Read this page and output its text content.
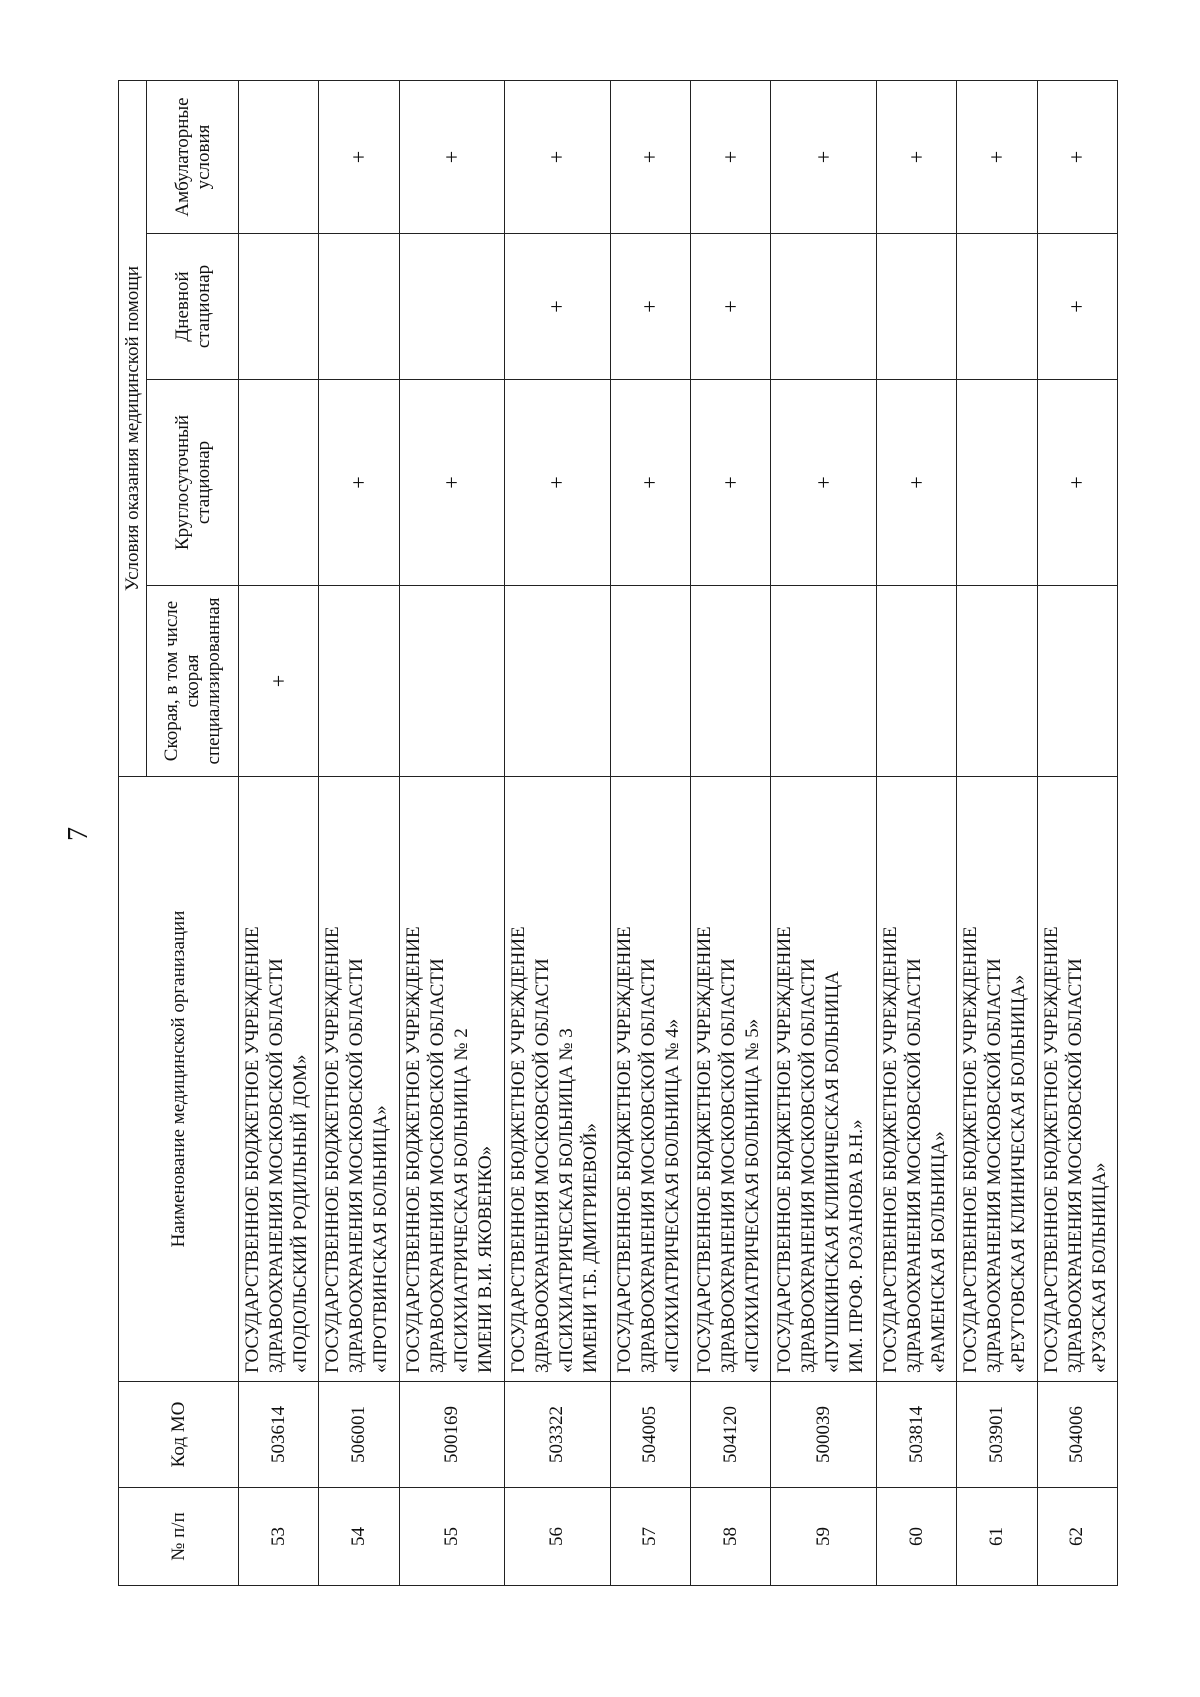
7
№ п/п	Код МО	Наименование медицинской организации	Условия оказания медицинской помощи			
			Скорая, в том числе скорая специализированная	Круглосуточный стационар	Дневной стационар	Амбулаторные условия
53	503614	ГОСУДАРСТВЕННОЕ БЮДЖЕТНОЕ УЧРЕЖДЕНИЕ ЗДРАВООХРАНЕНИЯ МОСКОВСКОЙ ОБЛАСТИ «ПОДОЛЬСКИЙ РОДИЛЬНЫЙ ДОМ»	+			
54	506001	ГОСУДАРСТВЕННОЕ БЮДЖЕТНОЕ УЧРЕЖДЕНИЕ ЗДРАВООХРАНЕНИЯ МОСКОВСКОЙ ОБЛАСТИ «ПРОТВИНСКАЯ БОЛЬНИЦА»		+		+
55	500169	ГОСУДАРСТВЕННОЕ БЮДЖЕТНОЕ УЧРЕЖДЕНИЕ ЗДРАВООХРАНЕНИЯ МОСКОВСКОЙ ОБЛАСТИ «ПСИХИАТРИЧЕСКАЯ БОЛЬНИЦА № 2 ИМЕНИ В.И. ЯКОВЕНКО»		+		+
56	503322	ГОСУДАРСТВЕННОЕ БЮДЖЕТНОЕ УЧРЕЖДЕНИЕ ЗДРАВООХРАНЕНИЯ МОСКОВСКОЙ ОБЛАСТИ «ПСИХИАТРИЧЕСКАЯ БОЛЬНИЦА № 3 ИМЕНИ Т.Б. ДМИТРИЕВОЙ»		+	+	+
57	504005	ГОСУДАРСТВЕННОЕ БЮДЖЕТНОЕ УЧРЕЖДЕНИЕ ЗДРАВООХРАНЕНИЯ МОСКОВСКОЙ ОБЛАСТИ «ПСИХИАТРИЧЕСКАЯ БОЛЬНИЦА № 4»		+	+	+
58	504120	ГОСУДАРСТВЕННОЕ БЮДЖЕТНОЕ УЧРЕЖДЕНИЕ ЗДРАВООХРАНЕНИЯ МОСКОВСКОЙ ОБЛАСТИ «ПСИХИАТРИЧЕСКАЯ БОЛЬНИЦА № 5»		+	+	+
59	500039	ГОСУДАРСТВЕННОЕ БЮДЖЕТНОЕ УЧРЕЖДЕНИЕ ЗДРАВООХРАНЕНИЯ МОСКОВСКОЙ ОБЛАСТИ «ПУШКИНСКАЯ КЛИНИЧЕСКАЯ БОЛЬНИЦА ИМ. ПРОФ. РОЗАНОВА В.Н.»		+		+
60	503814	ГОСУДАРСТВЕННОЕ БЮДЖЕТНОЕ УЧРЕЖДЕНИЕ ЗДРАВООХРАНЕНИЯ МОСКОВСКОЙ ОБЛАСТИ «РАМЕНСКАЯ БОЛЬНИЦА»		+		+
61	503901	ГОСУДАРСТВЕННОЕ БЮДЖЕТНОЕ УЧРЕЖДЕНИЕ ЗДРАВООХРАНЕНИЯ МОСКОВСКОЙ ОБЛАСТИ «РЕУТОВСКАЯ КЛИНИЧЕСКАЯ БОЛЬНИЦА»				+
62	504006	ГОСУДАРСТВЕННОЕ БЮДЖЕТНОЕ УЧРЕЖДЕНИЕ ЗДРАВООХРАНЕНИЯ МОСКОВСКОЙ ОБЛАСТИ «РУЗСКАЯ БОЛЬНИЦА»		+	+	+
